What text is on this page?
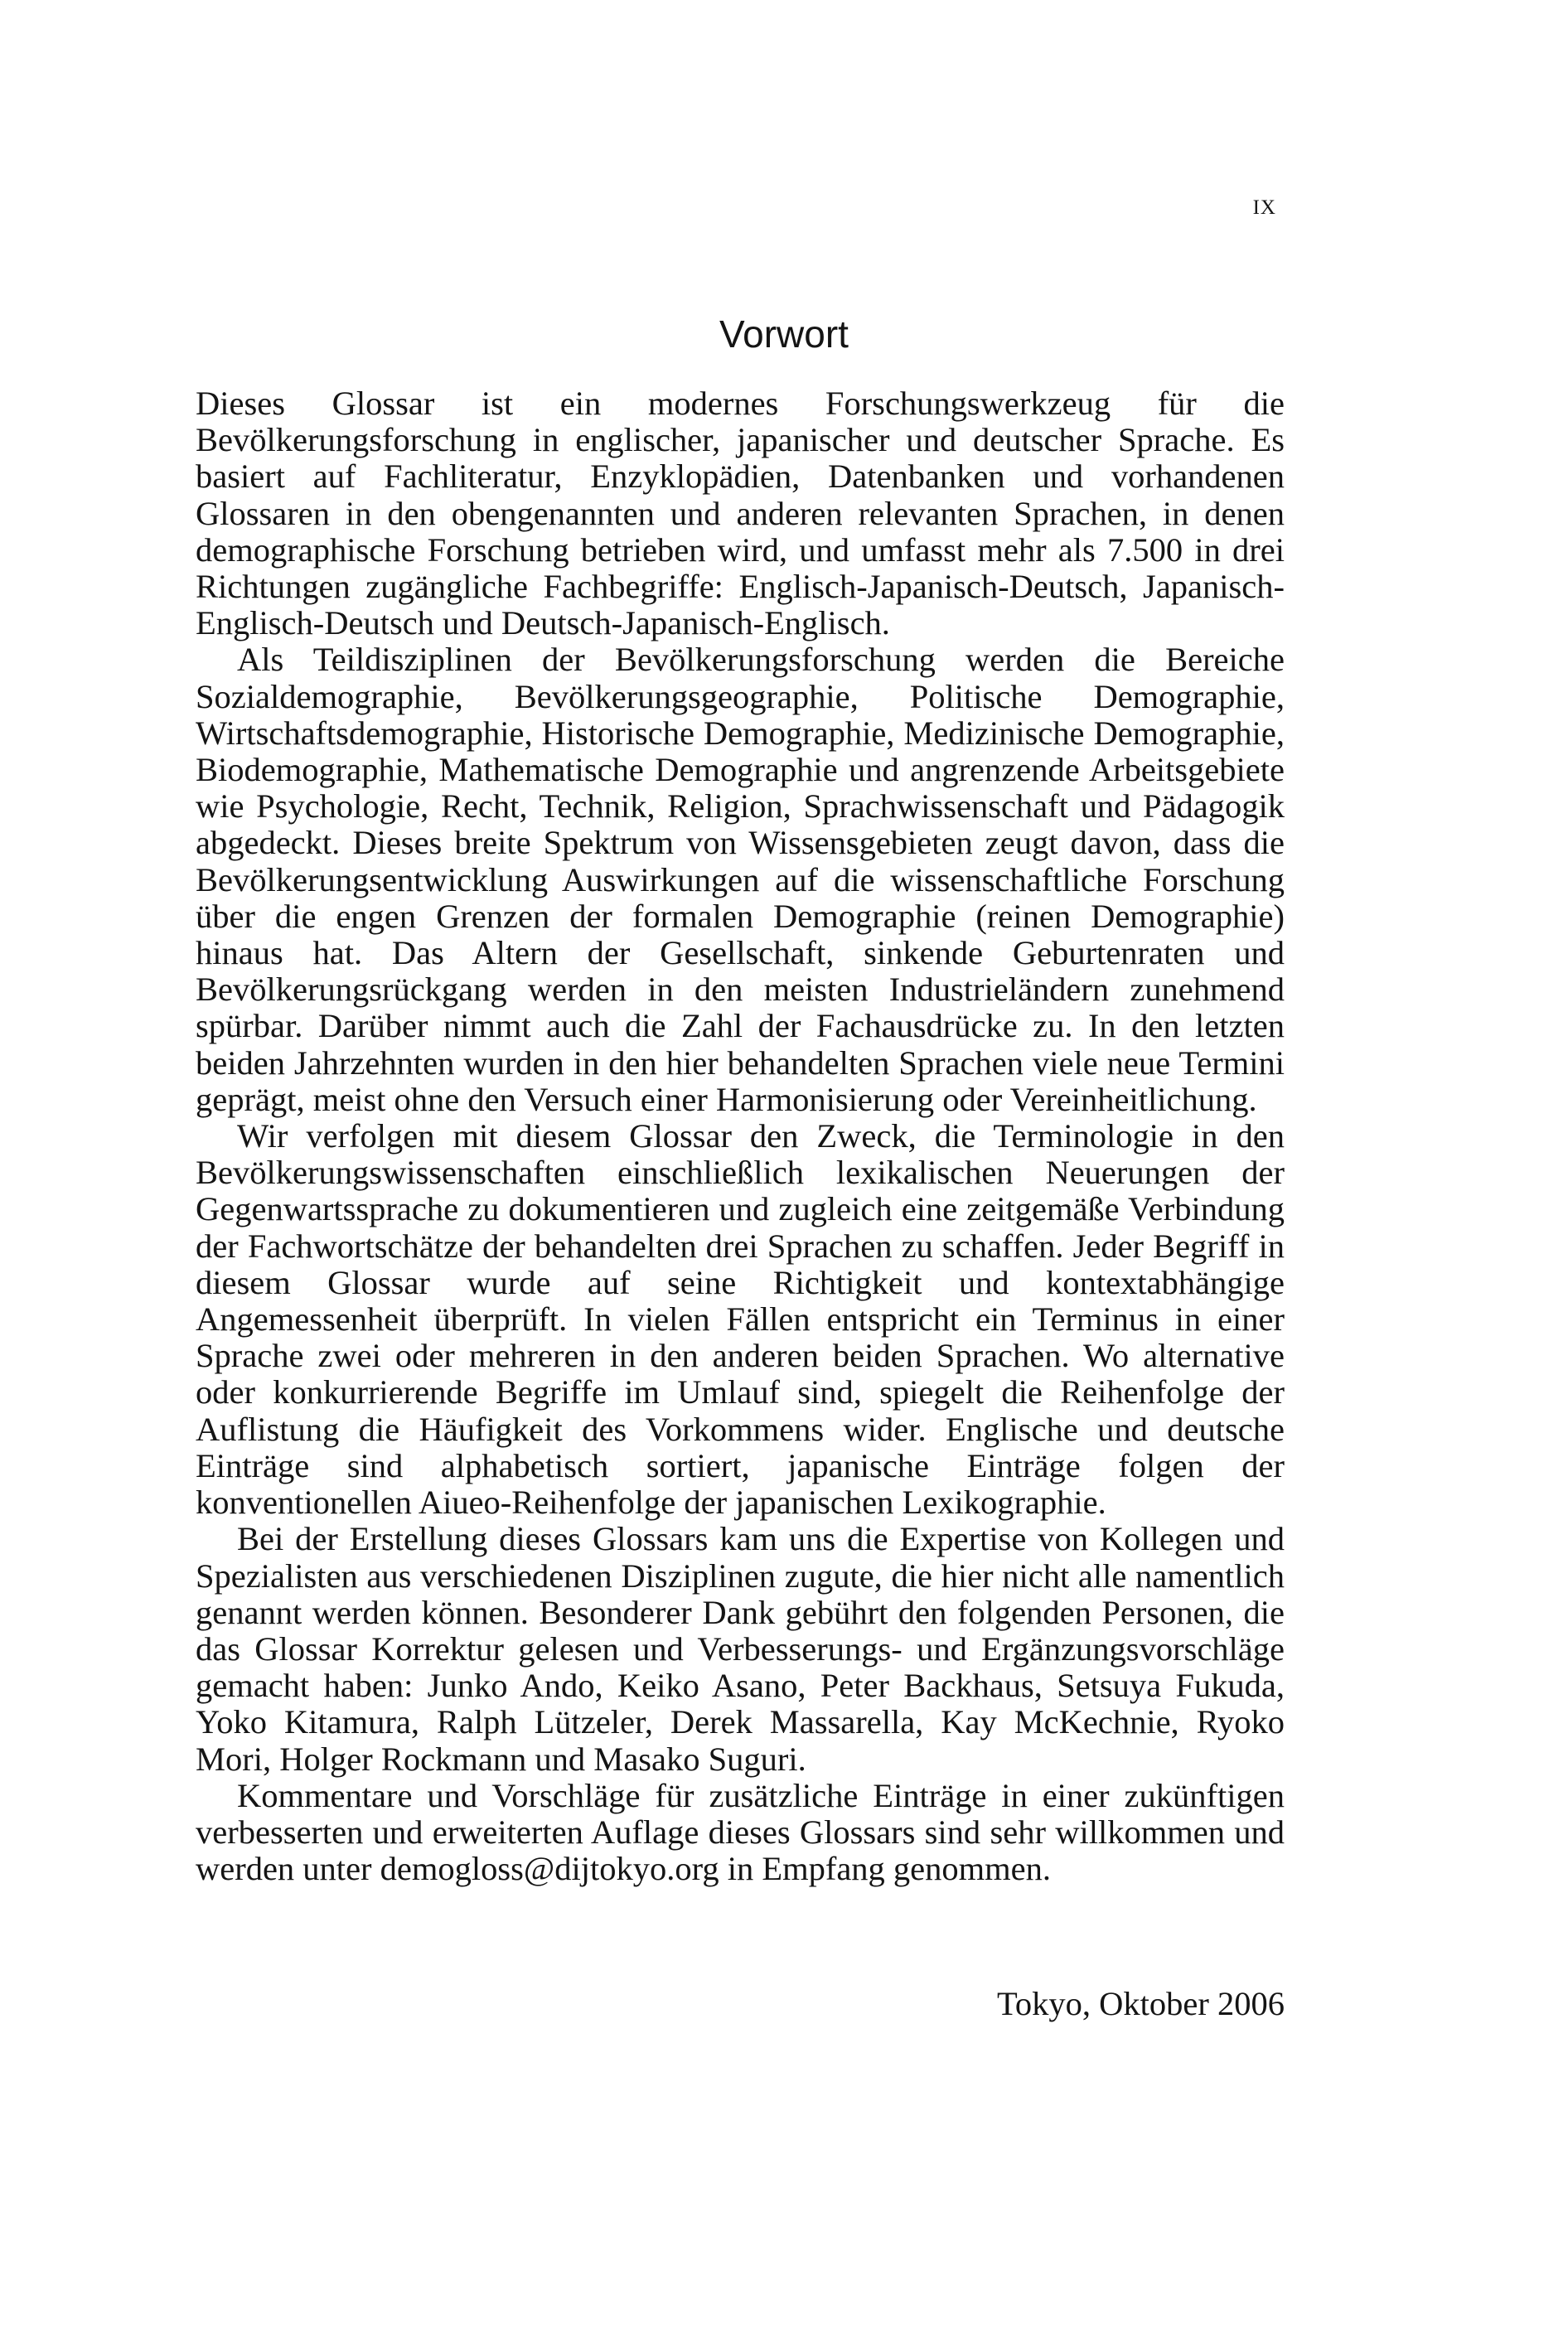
IX
Vorwort

Dieses Glossar ist ein modernes Forschungswerkzeug für die Bevölkerungsforschung in englischer, japanischer und deutscher Sprache. Es basiert auf Fachliteratur, Enzyklopädien, Datenbanken und vorhandenen Glossaren in den obengenannten und anderen relevanten Sprachen, in denen demographische Forschung betrieben wird, und umfasst mehr als 7.500 in drei Richtungen zugängliche Fachbegriffe: Englisch-Japanisch-Deutsch, Japanisch-Englisch-Deutsch und Deutsch-Japanisch-Englisch.

Als Teildisziplinen der Bevölkerungsforschung werden die Bereiche Sozialdemographie, Bevölkerungsgeographie, Politische Demographie, Wirtschaftsdemographie, Historische Demographie, Medizinische Demographie, Biodemographie, Mathematische Demographie und angrenzende Arbeitsgebiete wie Psychologie, Recht, Technik, Religion, Sprachwissenschaft und Pädagogik abgedeckt. Dieses breite Spektrum von Wissensgebieten zeugt davon, dass die Bevölkerungsentwicklung Auswirkungen auf die wissenschaftliche Forschung über die engen Grenzen der formalen Demographie (reinen Demographie) hinaus hat. Das Altern der Gesellschaft, sinkende Geburtenraten und Bevölkerungsrückgang werden in den meisten Industrieländern zunehmend spürbar. Darüber nimmt auch die Zahl der Fachausdrücke zu. In den letzten beiden Jahrzehnten wurden in den hier behandelten Sprachen viele neue Termini geprägt, meist ohne den Versuch einer Harmonisierung oder Vereinheitlichung.

Wir verfolgen mit diesem Glossar den Zweck, die Terminologie in den Bevölkerungswissenschaften einschließlich lexikalischen Neuerungen der Gegenwartssprache zu dokumentieren und zugleich eine zeitgemäße Verbindung der Fachwortschätze der behandelten drei Sprachen zu schaffen. Jeder Begriff in diesem Glossar wurde auf seine Richtigkeit und kontextabhängige Angemessenheit überprüft. In vielen Fällen entspricht ein Terminus in einer Sprache zwei oder mehreren in den anderen beiden Sprachen. Wo alternative oder konkurrierende Begriffe im Umlauf sind, spiegelt die Reihenfolge der Auflistung die Häufigkeit des Vorkommens wider. Englische und deutsche Einträge sind alphabetisch sortiert, japanische Einträge folgen der konventionellen Aiueo-Reihenfolge der japanischen Lexikographie.

Bei der Erstellung dieses Glossars kam uns die Expertise von Kollegen und Spezialisten aus verschiedenen Disziplinen zugute, die hier nicht alle namentlich genannt werden können. Besonderer Dank gebührt den folgenden Personen, die das Glossar Korrektur gelesen und Verbesserungs- und Ergänzungsvorschläge gemacht haben: Junko Ando, Keiko Asano, Peter Backhaus, Setsuya Fukuda, Yoko Kitamura, Ralph Lützeler, Derek Massarella, Kay McKechnie, Ryoko Mori, Holger Rockmann und Masako Suguri.

Kommentare und Vorschläge für zusätzliche Einträge in einer zukünftigen verbesserten und erweiterten Auflage dieses Glossars sind sehr willkommen und werden unter demogloss@dijtokyo.org in Empfang genommen.

Tokyo, Oktober 2006
